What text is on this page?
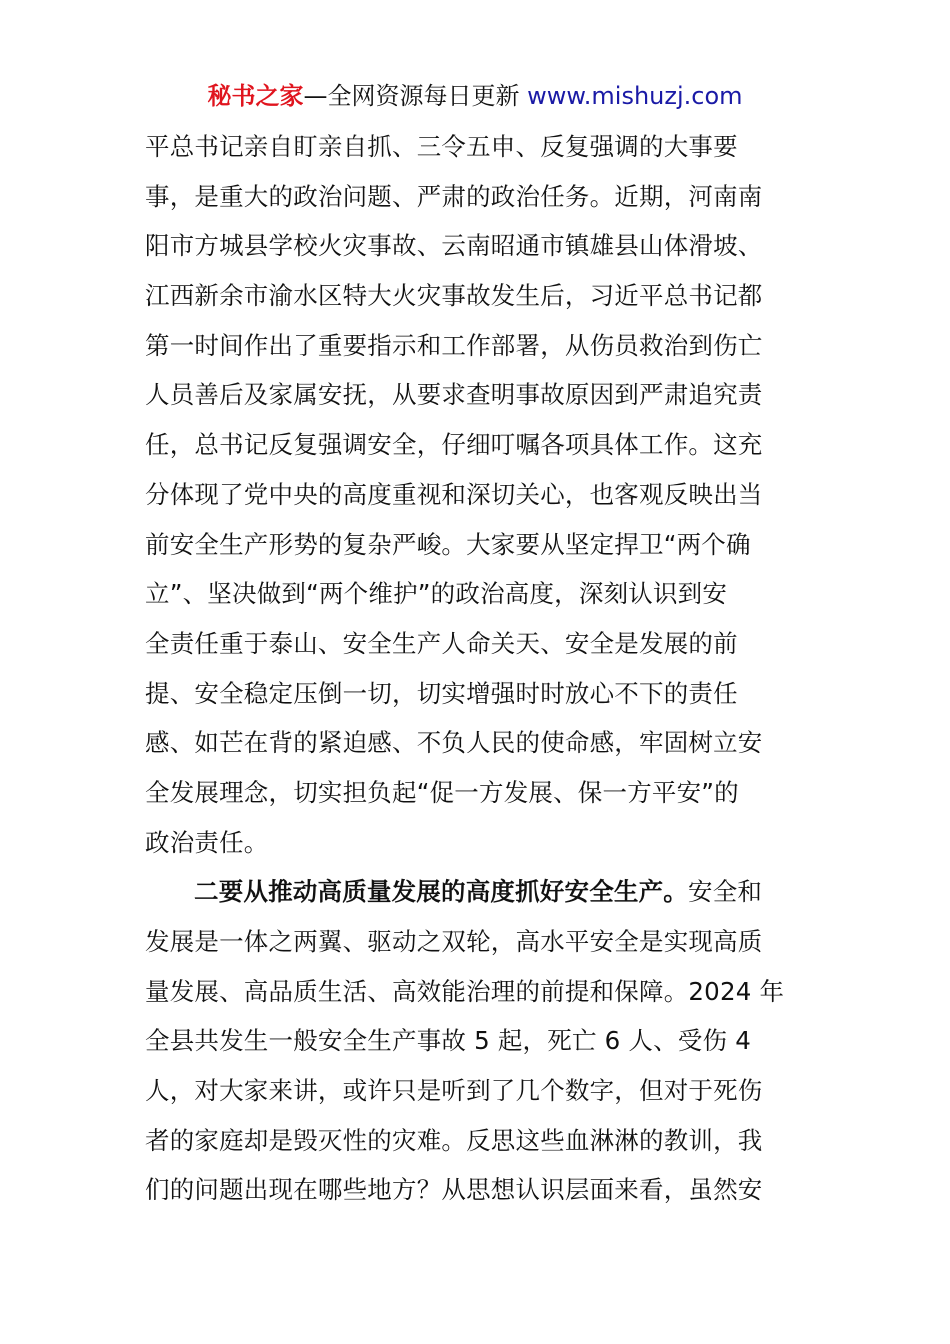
秘书之家—全网资源每日更新 www.mishuzj.com
平总书记亲自盯亲自抓、三令五申、反复强调的大事要
事，是重大的政治问题、严肃的政治任务。近期，河南南
阳市方城县学校火灾事故、云南昭通市镇雄县山体滑坡、
江西新余市渝水区特大火灾事故发生后，习近平总书记都
第一时间作出了重要指示和工作部署，从伤员救治到伤亡
人员善后及家属安抚，从要求查明事故原因到严肃追究责
任，总书记反复强调安全，仔细叮嘱各项具体工作。这充
分体现了党中央的高度重视和深切关心，也客观反映出当
前安全生产形势的复杂严峻。大家要从坚定捍卫“两个确
立”、坚决做到“两个维护”的政治高度，深刻认识到安
全责任重于泰山、安全生产人命关天、安全是发展的前
提、安全稳定压倒一切，切实增强时时放心不下的责任
感、如芒在背的紧迫感、不负人民的使命感，牢固树立安
全发展理念，切实担负起“促一方发展、保一方平安”的
政治责任。
二要从推动高质量发展的高度抓好安全生产。安全和
发展是一体之两翼、驱动之双轮，高水平安全是实现高质
量发展、高品质生活、高效能治理的前提和保障。2024 年
全县共发生一般安全生产事故 5 起，死亡 6 人、受伤 4
人，对大家来讲，或许只是听到了几个数字，但对于死伤
者的家庭却是毁灭性的灾难。反思这些血淋淋的教训，我
们的问题出现在哪些地方？从思想认识层面来看，虽然安
